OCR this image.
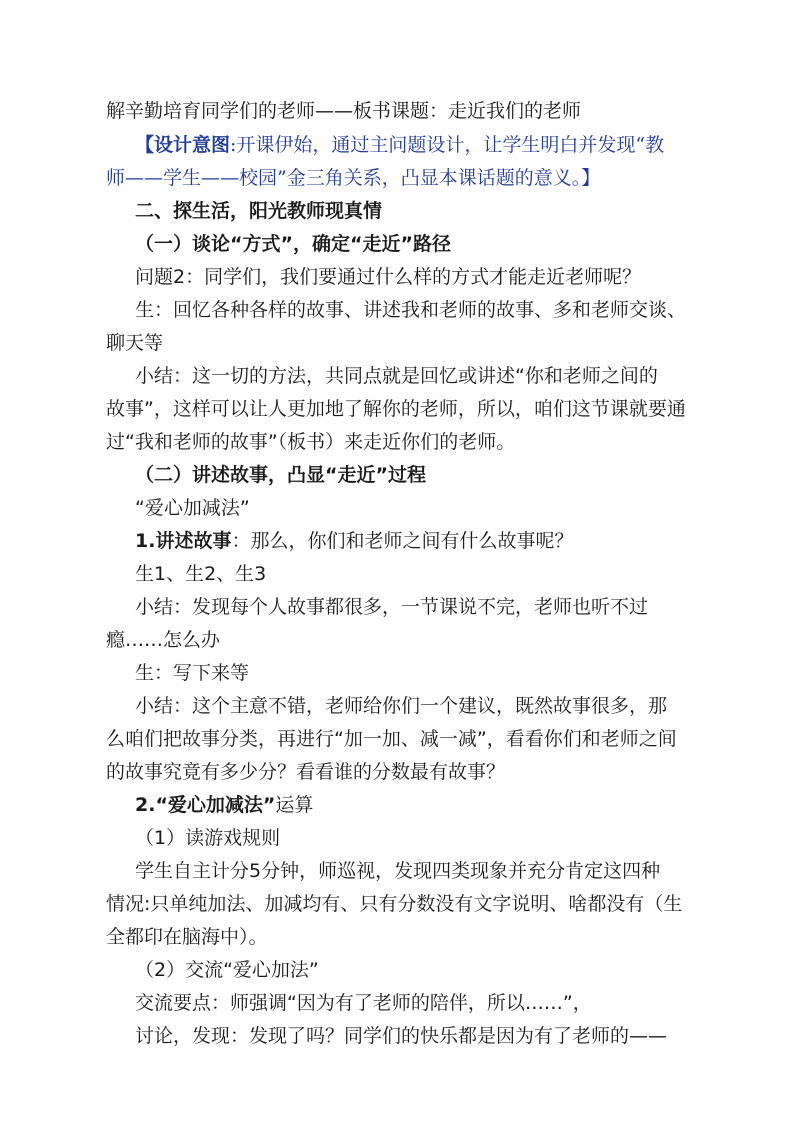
解辛勤培育同学们的老师——板书课题：走近我们的老师
【设计意图:开课伊始，通过主问题设计，让学生明白并发现“教
师——学生——校园”金三角关系，凸显本课话题的意义。】
二、探生活，阳光教师现真情
（一）谈论“方式”，确定“走近”路径
问题2：同学们，我们要通过什么样的方式才能走近老师呢？
生：回忆各种各样的故事、讲述我和老师的故事、多和老师交谈、
聊天等
小结：这一切的方法，共同点就是回忆或讲述“你和老师之间的
故事”，这样可以让人更加地了解你的老师，所以，咱们这节课就要通
过“我和老师的故事”（板书）来走近你们的老师。
（二）讲述故事，凸显“走近”过程
“爱心加减法”
1.讲述故事：那么，你们和老师之间有什么故事呢？
生1、生2、生3
小结：发现每个人故事都很多，一节课说不完，老师也听不过
瘾……怎么办
生：写下来等
小结：这个主意不错，老师给你们一个建议，既然故事很多，那
么咱们把故事分类，再进行“加一加、减一减”，看看你们和老师之间
的故事究竟有多少分？看看谁的分数最有故事？
2.“爱心加减法”运算
（1）读游戏规则
学生自主计分5分钟，师巡视，发现四类现象并充分肯定这四种
情况:只单纯加法、加减均有、只有分数没有文字说明、啥都没有（生
全都印在脑海中）。
（2）交流“爱心加法”
交流要点：师强调“因为有了老师的陪伴，所以……”，
讨论，发现：发现了吗？同学们的快乐都是因为有了老师的——
